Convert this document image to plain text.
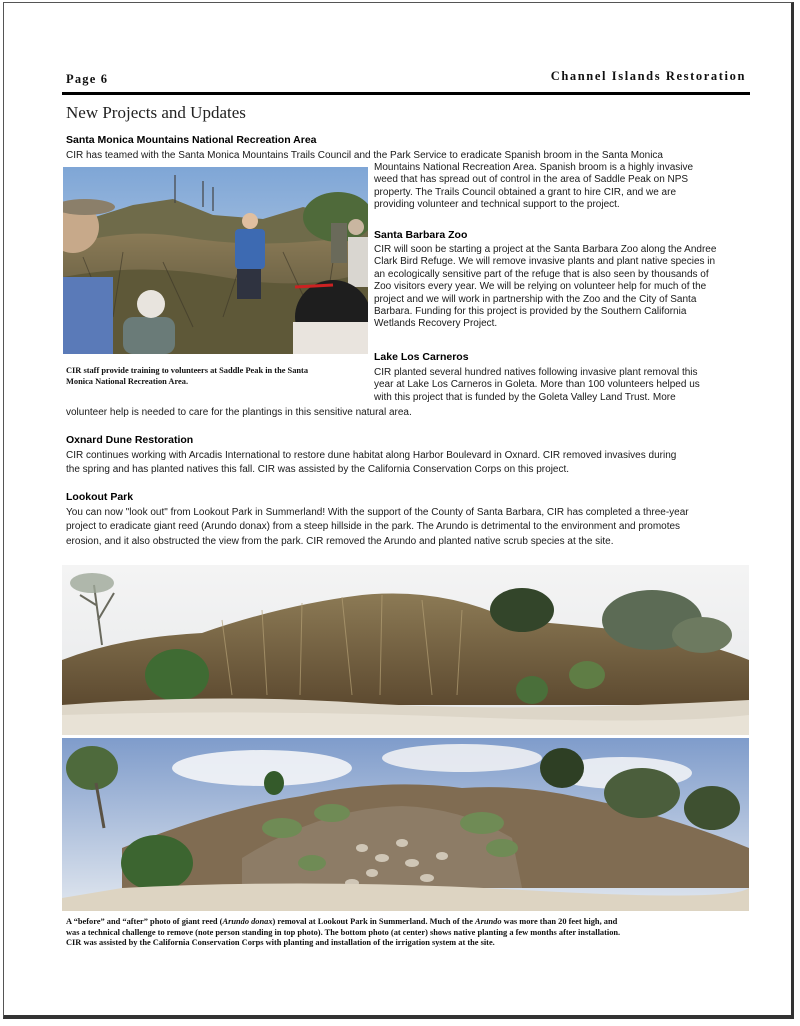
Page 6	Channel Islands Restoration
New Projects and Updates
Santa Monica Mountains National Recreation Area

CIR has teamed with the Santa Monica Mountains Trails Council and the Park Service to eradicate Spanish broom in the Santa Monica

Mountains National Recreation Area. Spanish broom is a highly invasive

weed that has spread out of control in the area of Saddle Peak on NPS

property. The Trails Council obtained a grant to hire CIR, and we are

providing volunteer and technical support to the project.

CIR staff provide training to volunteers at Saddle Peak in the Santa
Monica National Recreation Area.
Santa Barbara Zoo

CIR will soon be starting a project at the Santa Barbara Zoo along the Andree

Clark Bird Refuge. We will remove invasive plants and plant native species in

an ecologically sensitive part of the refuge that is also seen by thousands of

Zoo visitors every year. We will be relying on volunteer help for much of the

project and we will work in partnership with the Zoo and the City of Santa

Barbara. Funding for this project is provided by the Southern California

Wetlands Recovery Project.

Lake Los Carneros

CIR planted several hundred natives following invasive plant removal this

year at Lake Los Carneros in Goleta. More than 100 volunteers helped us

with this project that is funded by the Goleta Valley Land Trust. More

volunteer help is needed to care for the plantings in this sensitive natural area.

Oxnard Dune Restoration

CIR continues working with Arcadis International to restore dune habitat along Harbor Boulevard in Oxnard. CIR removed invasives during

the spring and has planted natives this fall. CIR was assisted by the California Conservation Corps on this project.

Lookout Park

You can now "look out" from Lookout Park in Summerland! With the support of the County of Santa Barbara, CIR has completed a three-year

project to eradicate giant reed (Arundo donax) from a steep hillside in the park. The Arundo is detrimental to the environment and promotes

erosion, and it also obstructed the view from the park. CIR removed the Arundo and planted native scrub species at the site.

A “before” and “after” photo of giant reed (Arundo donax) removal at Lookout Park in Summerland. Much of the Arundo was more than 20 feet high, and
was a technical challenge to remove (note person standing in top photo). The bottom photo (at center) shows native planting a few months after installation.
CIR was assisted by the California Conservation Corps with planting and installation of the irrigation system at the site.
